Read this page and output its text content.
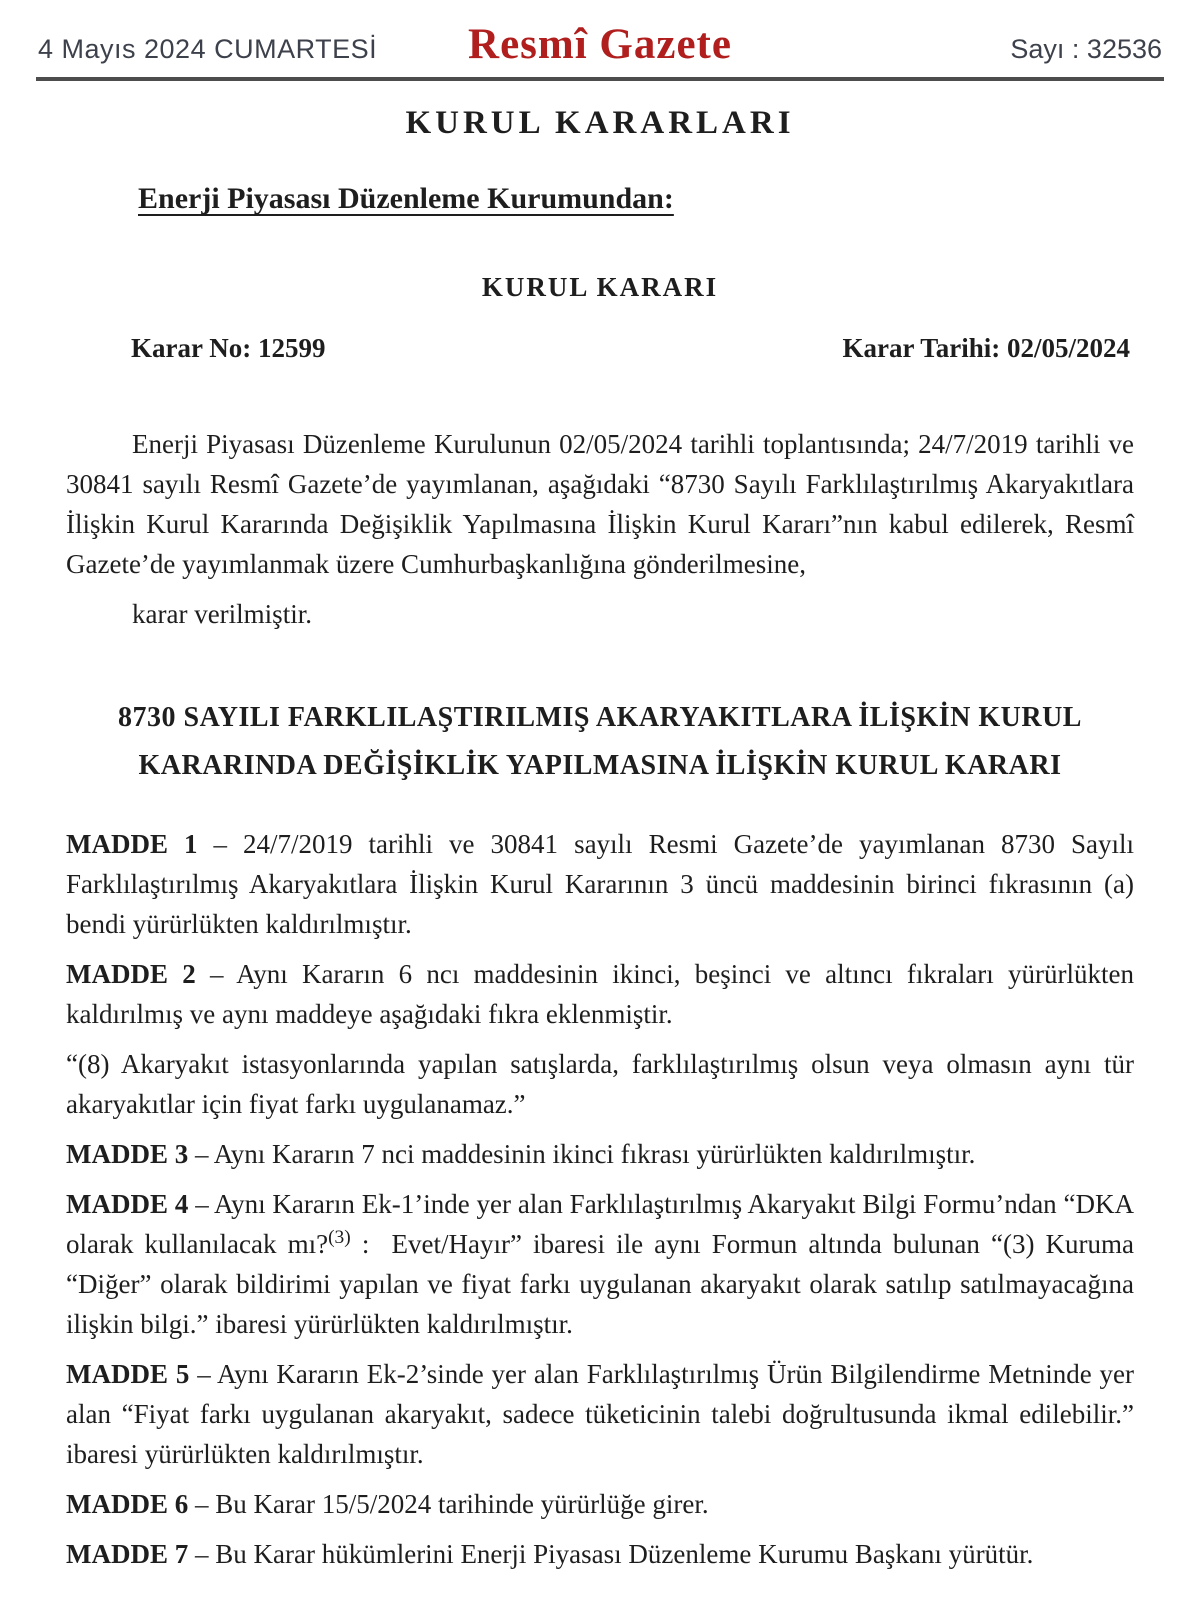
4 Mayıs 2024 CUMARTESİ	Resmî Gazete	Sayı : 32536
KURUL KARARLARI
Enerji Piyasası Düzenleme Kurumundan:
KURUL KARARI
Karar No: 12599	Karar Tarihi: 02/05/2024

Enerji Piyasası Düzenleme Kurulunun 02/05/2024 tarihli toplantısında; 24/7/2019 tarihli ve 30841 sayılı Resmî Gazete’de yayımlanan, aşağıdaki “8730 Sayılı Farklılaştırılmış Akaryakıtlara İlişkin Kurul Kararında Değişiklik Yapılmasına İlişkin Kurul Kararı”nın kabul edilerek, Resmî Gazete’de yayımlanmak üzere Cumhurbaşkanlığına gönderilmesine,

karar verilmiştir.

8730 SAYILI FARKLILAŞTIRILMIŞ AKARYAKITLARA İLİŞKİN KURUL
KARARINDA DEĞİŞİKLİK YAPILMASINA İLİŞKİN KURUL KARARI

MADDE 1 – 24/7/2019 tarihli ve 30841 sayılı Resmi Gazete’de yayımlanan 8730 Sayılı Farklılaştırılmış Akaryakıtlara İlişkin Kurul Kararının 3 üncü maddesinin birinci fıkrasının (a) bendi yürürlükten kaldırılmıştır.

MADDE 2 – Aynı Kararın 6 ncı maddesinin ikinci, beşinci ve altıncı fıkraları yürürlükten kaldırılmış ve aynı maddeye aşağıdaki fıkra eklenmiştir.

“(8) Akaryakıt istasyonlarında yapılan satışlarda, farklılaştırılmış olsun veya olmasın aynı tür akaryakıtlar için fiyat farkı uygulanamaz.”

MADDE 3 – Aynı Kararın 7 nci maddesinin ikinci fıkrası yürürlükten kaldırılmıştır.

MADDE 4 – Aynı Kararın Ek-1’inde yer alan Farklılaştırılmış Akaryakıt Bilgi Formu’ndan “DKA olarak kullanılacak mı?$^{(3)}$ :  Evet/Hayır” ibaresi ile aynı Formun altında bulunan “(3) Kuruma “Diğer” olarak bildirimi yapılan ve fiyat farkı uygulanan akaryakıt olarak satılıp satılmayacağına ilişkin bilgi.” ibaresi yürürlükten kaldırılmıştır.

MADDE 5 – Aynı Kararın Ek-2’sinde yer alan Farklılaştırılmış Ürün Bilgilendirme Metninde yer alan “Fiyat farkı uygulanan akaryakıt, sadece tüketicinin talebi doğrultusunda ikmal edilebilir.” ibaresi yürürlükten kaldırılmıştır.

MADDE 6 – Bu Karar 15/5/2024 tarihinde yürürlüğe girer.

MADDE 7 – Bu Karar hükümlerini Enerji Piyasası Düzenleme Kurumu Başkanı yürütür.
